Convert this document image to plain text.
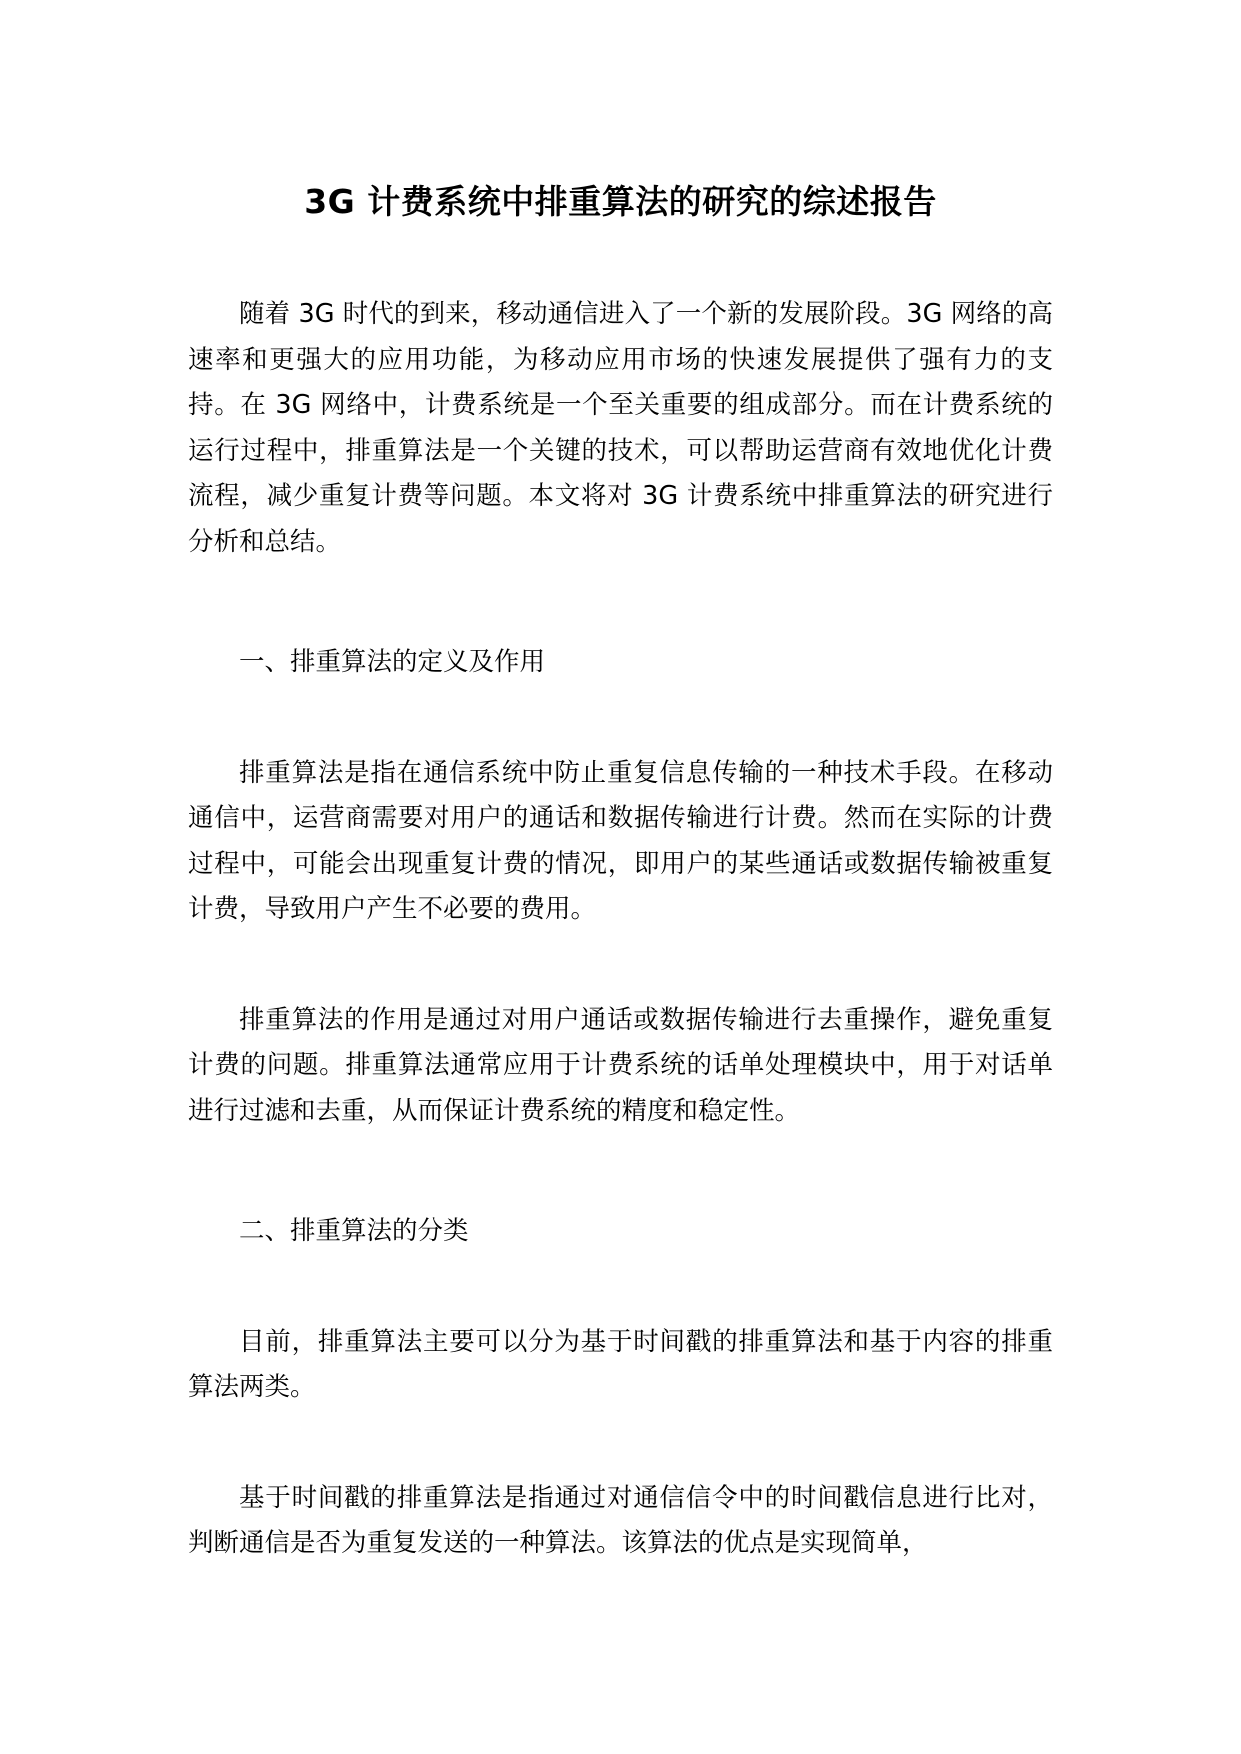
3G 计费系统中排重算法的研究的综述报告

随着 3G 时代的到来，移动通信进入了一个新的发展阶段。3G 网络的高速率和更强大的应用功能，为移动应用市场的快速发展提供了强有力的支持。在 3G 网络中，计费系统是一个至关重要的组成部分。而在计费系统的运行过程中，排重算法是一个关键的技术，可以帮助运营商有效地优化计费流程，减少重复计费等问题。本文将对 3G 计费系统中排重算法的研究进行分析和总结。

一、排重算法的定义及作用

排重算法是指在通信系统中防止重复信息传输的一种技术手段。在移动通信中，运营商需要对用户的通话和数据传输进行计费。然而在实际的计费过程中，可能会出现重复计费的情况，即用户的某些通话或数据传输被重复计费，导致用户产生不必要的费用。

排重算法的作用是通过对用户通话或数据传输进行去重操作，避免重复计费的问题。排重算法通常应用于计费系统的话单处理模块中，用于对话单进行过滤和去重，从而保证计费系统的精度和稳定性。

二、排重算法的分类

目前，排重算法主要可以分为基于时间戳的排重算法和基于内容的排重算法两类。

基于时间戳的排重算法是指通过对通信信令中的时间戳信息进行比对，判断通信是否为重复发送的一种算法。该算法的优点是实现简单，
